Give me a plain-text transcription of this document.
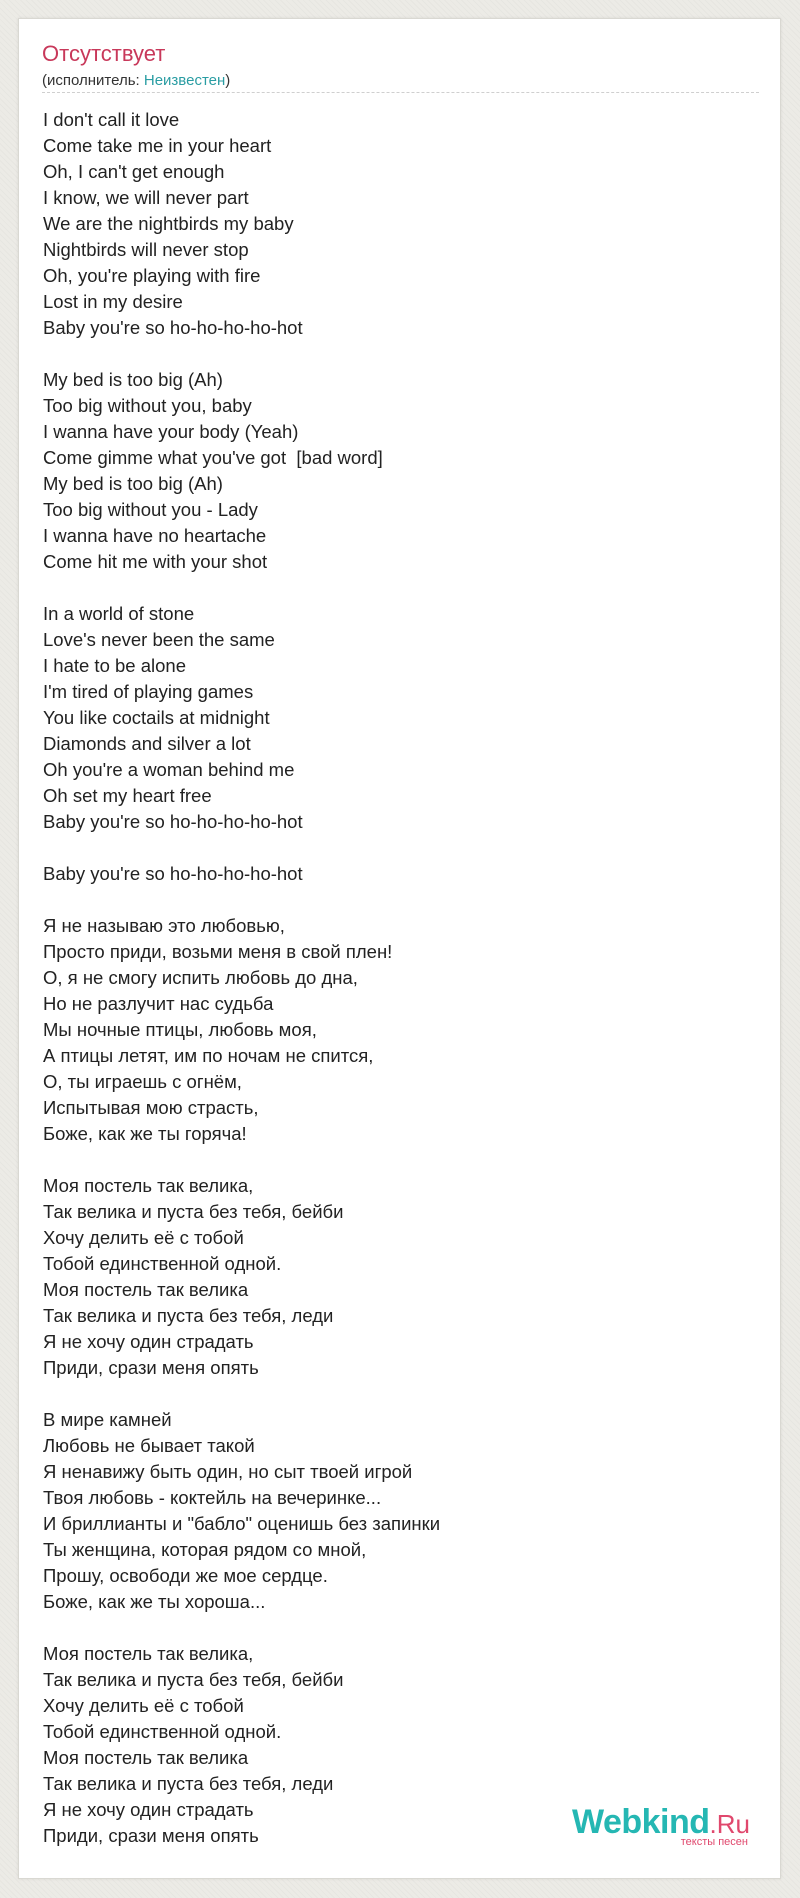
Отсутствует
(исполнитель: Неизвестен)
I don't call it love
Come take me in your heart
Oh, I can't get enough
I know, we will never part
We are the nightbirds my baby
Nightbirds will never stop
Oh, you're playing with fire
Lost in my desire
Baby you're so ho-ho-ho-ho-hot
My bed is too big (Ah)
Too big without you, baby
I wanna have your body (Yeah)
Come gimme what you've got  [bad word]
My bed is too big (Ah)
Too big without you - Lady
I wanna have no heartache
Come hit me with your shot
In a world of stone
Love's never been the same
I hate to be alone
I'm tired of playing games
You like coctails at midnight
Diamonds and silver a lot
Oh you're a woman behind me
Oh set my heart free
Baby you're so ho-ho-ho-ho-hot
Baby you're so ho-ho-ho-ho-hot
Я не называю это любовью,
Просто приди, возьми меня в свой плен!
О, я не смогу испить любовь до дна,
Но не разлучит нас судьба
Мы ночные птицы, любовь моя,
А птицы летят, им по ночам не спится,
О, ты играешь с огнём,
Испытывая мою страсть,
Боже, как же ты горяча!
Моя постель так велика,
Так велика и пуста без тебя, бейби
Хочу делить её с тобой
Тобой единственной одной.
Моя постель так велика
Так велика и пуста без тебя, леди
Я не хочу один страдать
Приди, срази меня опять
В мире камней
Любовь не бывает такой
Я ненавижу быть один, но сыт твоей игрой
Твоя любовь - коктейль на вечеринке...
И бриллианты и "бабло" оценишь без запинки
Ты женщина, которая рядом со мной,
Прошу, освободи же мое сердце.
Боже, как же ты хороша...
Моя постель так велика,
Так велика и пуста без тебя, бейби
Хочу делить её с тобой
Тобой единственной одной.
Моя постель так велика
Так велика и пуста без тебя, леди
Я не хочу один страдать
Приди, срази меня опять	Webkind.Ru
тексты песен
